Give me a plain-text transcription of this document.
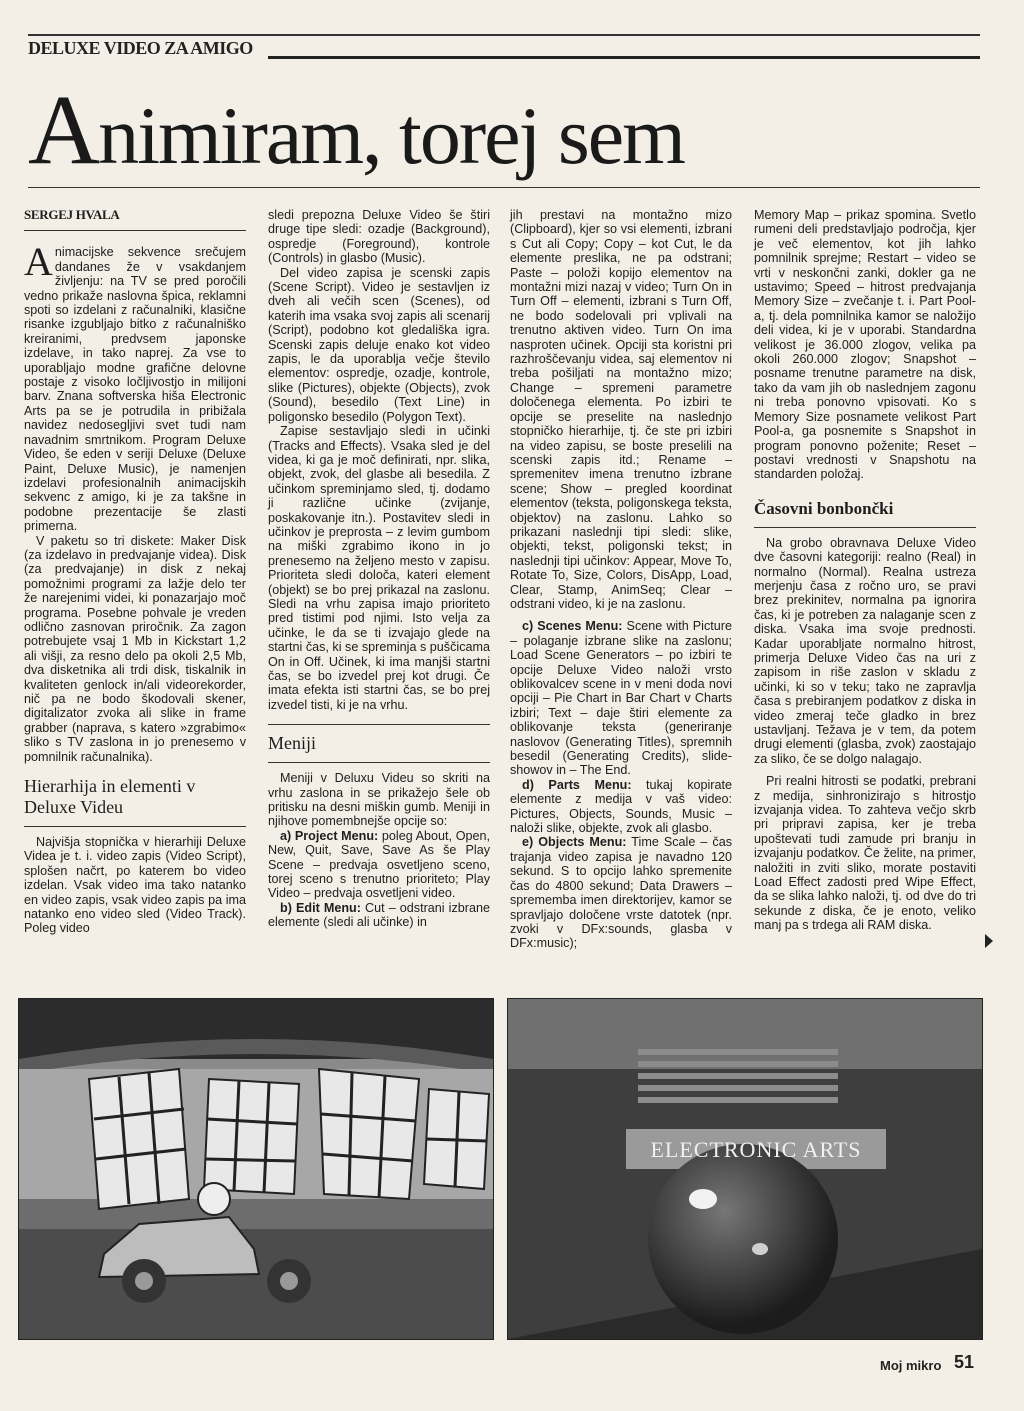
DELUXE VIDEO ZA AMIGO
Animiram, torej sem
SERGEJ HVALA

Animacijske sekvence srečujem dandanes že v vsakdanjem življenju: na TV se pred poročili vedno prikaže naslovna špica, reklamni spoti so izdelani z računalniki, klasične risanke izgubljajo bitko z računalniško kreiranimi, predvsem japonske izdelave, in tako naprej. Za vse to uporabljajo modne grafične delovne postaje z visoko ločljivostjo in milijoni barv. Znana softverska hiša Electronic Arts pa se je potrudila in pribižala navidez nedosegljivi svet tudi nam navadnim smrtnikom. Program Deluxe Video, še eden v seriji Deluxe (Deluxe Paint, Deluxe Music), je namenjen izdelavi profesionalnih animacijskih sekvenc z amigo, ki je za takšne in podobne prezentacije še zlasti primerna.

V paketu so tri diskete: Maker Disk (za izdelavo in predvajanje videa). Disk (za predvajanje) in disk z nekaj pomožnimi programi za lažje delo ter že narejenimi videi, ki ponazarjajo moč programa. Posebne pohvale je vreden odlično zasnovan priročnik. Za zagon potrebujete vsaj 1 Mb in Kickstart 1,2 ali višji, za resno delo pa okoli 2,5 Mb, dva disketnika ali trdi disk, tiskalnik in kvaliteten genlock in/ali videorekorder, nič pa ne bodo škodovali skener, digitalizator zvoka ali slike in frame grabber (naprava, s katero »zgrabimo« sliko s TV zaslona in jo prenesemo v pomnilnik računalnika).

Hierarhija in elementi v Deluxe Videu

Najvišja stopnička v hierarhiji Deluxe Videa je t. i. video zapis (Video Script), splošen načrt, po katerem bo video izdelan. Vsak video ima tako natanko en video zapis, vsak video zapis pa ima natanko eno video sled (Video Track). Poleg video

sledi prepozna Deluxe Video še štiri druge tipe sledi: ozadje (Background), ospredje (Foreground), kontrole (Controls) in glasbo (Music).

Del video zapisa je scenski zapis (Scene Script). Video je sestavljen iz dveh ali večih scen (Scenes), od katerih ima vsaka svoj zapis ali scenarij (Script), podobno kot gledališka igra. Scenski zapis deluje enako kot video zapis, le da uporablja večje število elementov: ospredje, ozadje, kontrole, slike (Pictures), objekte (Objects), zvok (Sound), besedilo (Text Line) in poligonsko besedilo (Polygon Text).

Zapise sestavljajo sledi in učinki (Tracks and Effects). Vsaka sled je del videa, ki ga je moč definirati, npr. slika, objekt, zvok, del glasbe ali besedila. Z učinkom spreminjamo sled, tj. dodamo ji različne učinke (zvijanje, poskakovanje itn.). Postavitev sledi in učinkov je preprosta – z levim gumbom na miški zgrabimo ikono in jo prenesemo na željeno mesto v zapisu. Prioriteta sledi določa, kateri element (objekt) se bo prej prikazal na zaslonu. Sledi na vrhu zapisa imajo prioriteto pred tistimi pod njimi. Isto velja za učinke, le da se ti izvajajo glede na startni čas, ki se spreminja s puščicama On in Off. Učinek, ki ima manjši startni čas, se bo izvedel prej kot drugi. Če imata efekta isti startni čas, se bo prej izvedel tisti, ki je na vrhu.

Meniji

Meniji v Deluxu Videu so skriti na vrhu zaslona in se prikažejo šele ob pritisku na desni miškin gumb. Meniji in njihove pomembnejše opcije so:

a) Project Menu: poleg About, Open, New, Quit, Save, Save As še Play Scene – predvaja osvetljeno sceno, torej sceno s trenutno prioriteto; Play Video – predvaja osvetljeni video.

b) Edit Menu: Cut – odstrani izbrane elemente (sledi ali učinke) in

jih prestavi na montažno mizo (Clipboard), kjer so vsi elementi, izbrani s Cut ali Copy; Copy – kot Cut, le da elemente preslika, ne pa odstrani; Paste – položi kopijo elementov na montažni mizi nazaj v video; Turn On in Turn Off – elementi, izbrani s Turn Off, ne bodo sodelovali pri vplivali na trenutno aktiven video. Turn On ima nasproten učinek. Opciji sta koristni pri razhroščevanju videa, saj elementov ni treba pošiljati na montažno mizo; Change – spremeni parametre določenega elementa. Po izbiri te opcije se preselite na naslednjo stopničko hierarhije, tj. če ste pri izbiri na video zapisu, se boste preselili na scenski zapis itd.; Rename – spremenitev imena trenutno izbrane scene; Show – pregled koordinat elementov (teksta, poligonskega teksta, objektov) na zaslonu. Lahko so prikazani naslednji tipi sledi: slike, objekti, tekst, poligonski tekst; in naslednji tipi učinkov: Appear, Move To, Rotate To, Size, Colors, DisApp, Load, Clear, Stamp, AnimSeq; Clear – odstrani video, ki je na zaslonu.

c) Scenes Menu: Scene with Picture – polaganje izbrane slike na zaslonu; Load Scene Generators – po izbiri te opcije Deluxe Video naloži vrsto oblikovalcev scene in v meni doda novi opciji – Pie Chart in Bar Chart v Charts izbiri; Text – daje štiri elemente za oblikovanje teksta (generiranje naslovov (Generating Titles), spremnih besedil (Generating Credits), slide-showov in – The End.

d) Parts Menu: tukaj kopirate elemente z medija v vaš video: Pictures, Objects, Sounds, Music – naloži slike, objekte, zvok ali glasbo.

e) Objects Menu: Time Scale – čas trajanja video zapisa je navadno 120 sekund. S to opcijo lahko spremenite čas do 4800 sekund; Data Drawers – sprememba imen direktorijev, kamor se spravljajo določene vrste datotek (npr. zvoki v DFx:sounds, glasba v DFx:music);

Memory Map – prikaz spomina. Svetlo rumeni deli predstavljajo področja, kjer je več elementov, kot jih lahko pomnilnik sprejme; Restart – video se vrti v neskončni zanki, dokler ga ne ustavimo; Speed – hitrost predvajanja Memory Size – zvečanje t. i. Part Pool-a, tj. dela pomnilnika kamor se naložijo deli videa, ki je v uporabi. Standardna velikost je 36.000 zlogov, velika pa okoli 260.000 zlogov; Snapshot – posname trenutne parametre na disk, tako da vam jih ob naslednjem zagonu ni treba ponovno vpisovati. Ko s Memory Size posnamete velikost Part Pool-a, ga posnemite s Snapshot in program ponovno poženite; Reset – postavi vrednosti v Snapshotu na standarden položaj.

Časovni bonbončki

Na grobo obravnava Deluxe Video dve časovni kategoriji: realno (Real) in normalno (Normal). Realna ustreza merjenju časa z ročno uro, se pravi brez prekinitev, normalna pa ignorira čas, ki je potreben za nalaganje scen z diska. Vsaka ima svoje prednosti. Kadar uporabljate normalno hitrost, primerja Deluxe Video čas na uri z zapisom in riše zaslon v skladu z učinki, ki so v teku; tako ne zapravlja časa s prebiranjem podatkov z diska in video zmeraj teče gladko in brez ustavljanj. Težava je v tem, da potem drugi elementi (glasba, zvok) zaostajajo za sliko, če se dolgo nalagajo.

Pri realni hitrosti se podatki, prebrani z medija, sinhronizirajo s hitrostjo izvajanja videa. To zahteva večjo skrb pri pripravi zapisa, ker je treba upoštevati tudi zamude pri branju in izvajanju podatkov. Če želite, na primer, naložiti in zviti sliko, morate postaviti Load Effect zadosti pred Wipe Effect, da se slika lahko naloži, tj. od dve do tri sekunde z diska, če je enoto, veliko manj pa s trdega ali RAM diska.

ELECTRONIC ARTS
Moj mikro 51
